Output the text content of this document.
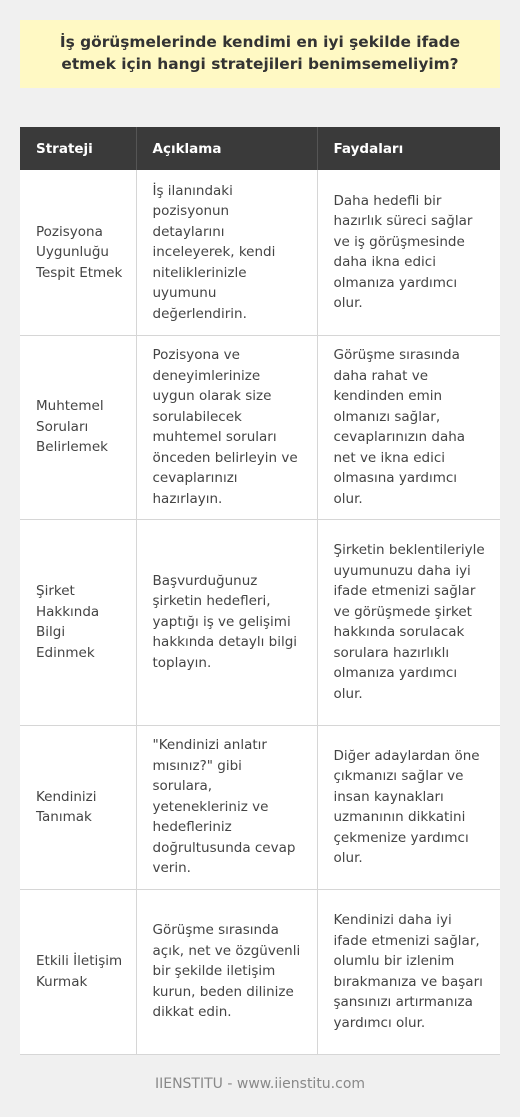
İş görüşmelerinde kendimi en iyi şekilde ifade etmek için hangi stratejileri benimsemeliyim?

Strateji	Açıklama	Faydaları
Pozisyona Uygunluğu Tespit Etmek	İş ilanındaki pozisyonun detaylarını inceleyerek, kendi niteliklerinizle uyumunu değerlendirin.	Daha hedefli bir hazırlık süreci sağlar ve iş görüşmesinde daha ikna edici olmanıza yardımcı olur.
Muhtemel Soruları Belirlemek	Pozisyona ve deneyimlerinize uygun olarak size sorulabilecek muhtemel soruları önceden belirleyin ve cevaplarınızı hazırlayın.	Görüşme sırasında daha rahat ve kendinden emin olmanızı sağlar, cevaplarınızın daha net ve ikna edici olmasına yardımcı olur.
Şirket Hakkında Bilgi Edinmek	Başvurduğunuz şirketin hedefleri, yaptığı iş ve gelişimi hakkında detaylı bilgi toplayın.	Şirketin beklentileriyle uyumunuzu daha iyi ifade etmenizi sağlar ve görüşmede şirket hakkında sorulacak sorulara hazırlıklı olmanıza yardımcı olur.
Kendinizi Tanımak	"Kendinizi anlatır mısınız?" gibi sorulara, yetenekleriniz ve hedefleriniz doğrultusunda cevap verin.	Diğer adaylardan öne çıkmanızı sağlar ve insan kaynakları uzmanının dikkatini çekmenize yardımcı olur.
Etkili İletişim Kurmak	Görüşme sırasında açık, net ve özgüvenli bir şekilde iletişim kurun, beden dilinize dikkat edin.	Kendinizi daha iyi ifade etmenizi sağlar, olumlu bir izlenim bırakmanıza ve başarı şansınızı artırmanıza yardımcı olur.
IIENSTITU - www.iienstitu.com
